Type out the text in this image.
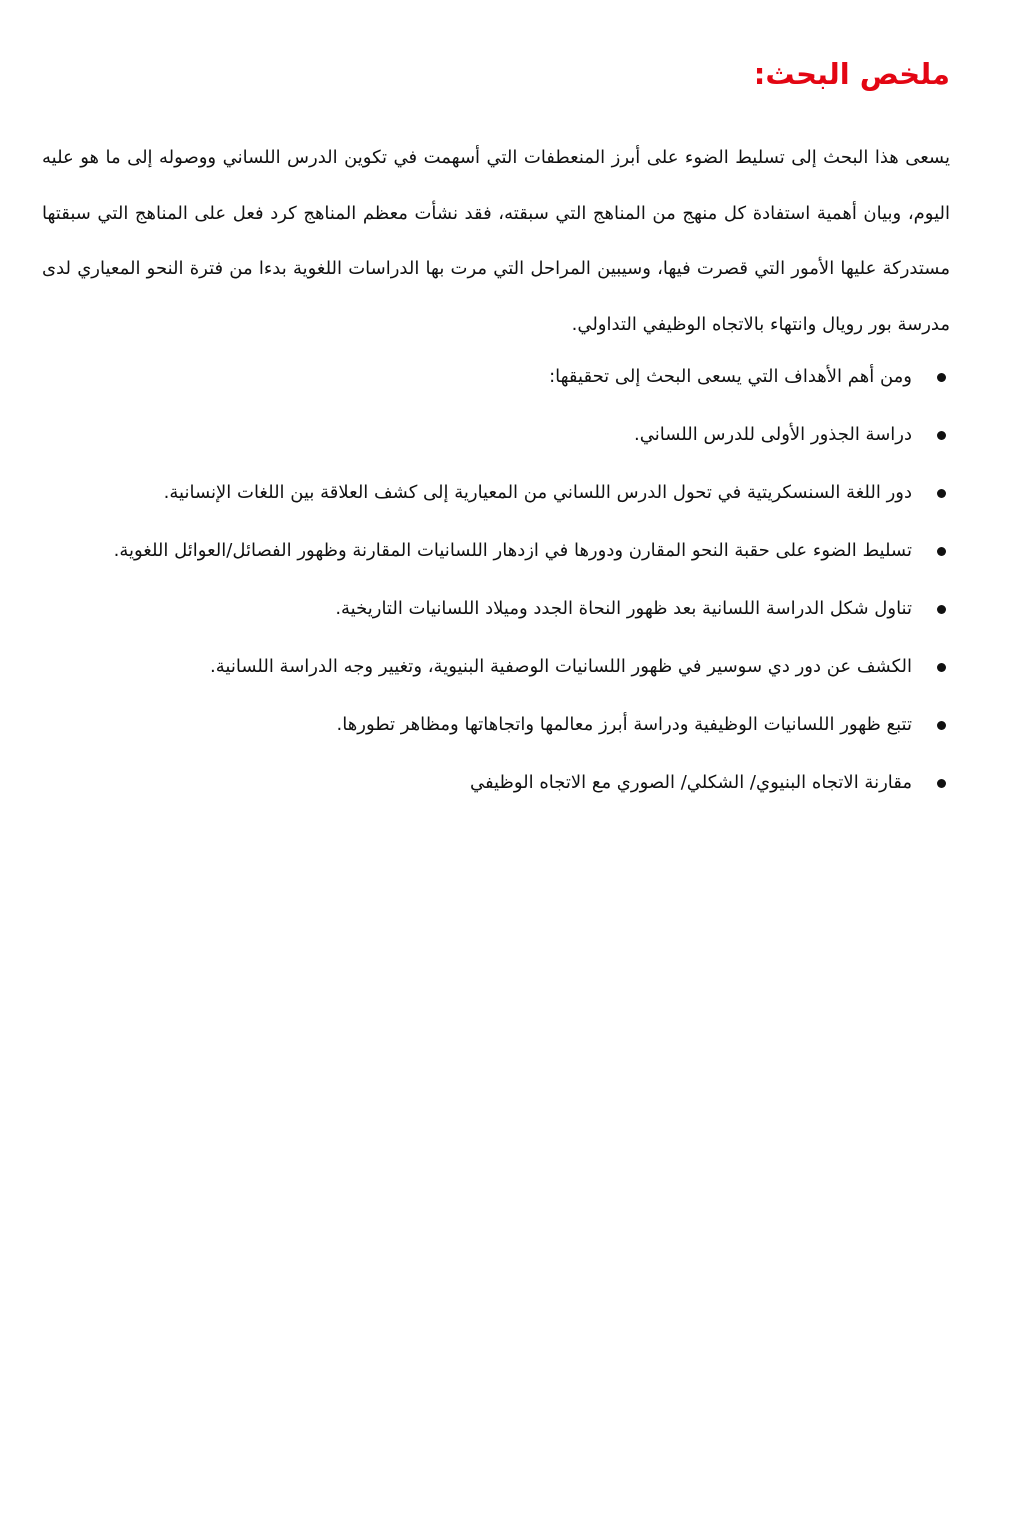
ملخص البحث:

يسعى هذا البحث إلى تسليط الضوء على أبرز المنعطفات التي أسهمت في تكوين الدرس اللساني ووصوله إلى ما هو عليه اليوم، وبيان أهمية استفادة كل منهج من المناهج التي سبقته، فقد نشأت معظم المناهج كرد فعل على المناهج التي سبقتها مستدركة عليها الأمور التي قصرت فيها، وسيبين المراحل التي مرت بها الدراسات اللغوية بدءا من فترة النحو المعياري لدى مدرسة بور رويال وانتهاء بالاتجاه الوظيفي التداولي.

ومن أهم الأهداف التي يسعى البحث إلى تحقيقها:
دراسة الجذور الأولى للدرس اللساني.
دور اللغة السنسكريتية في تحول الدرس اللساني من المعيارية إلى كشف العلاقة بين اللغات الإنسانية.
تسليط الضوء على حقبة النحو المقارن ودورها في ازدهار اللسانيات المقارنة وظهور الفصائل/العوائل اللغوية.
تناول شكل الدراسة اللسانية بعد ظهور النحاة الجدد وميلاد اللسانيات التاريخية.
الكشف عن دور دي سوسير في ظهور اللسانيات الوصفية البنيوية، وتغيير وجه الدراسة اللسانية.
تتبع ظهور اللسانيات الوظيفية ودراسة أبرز معالمها واتجاهاتها ومظاهر تطورها.
مقارنة الاتجاه البنيوي/ الشكلي/ الصوري مع الاتجاه الوظيفي
